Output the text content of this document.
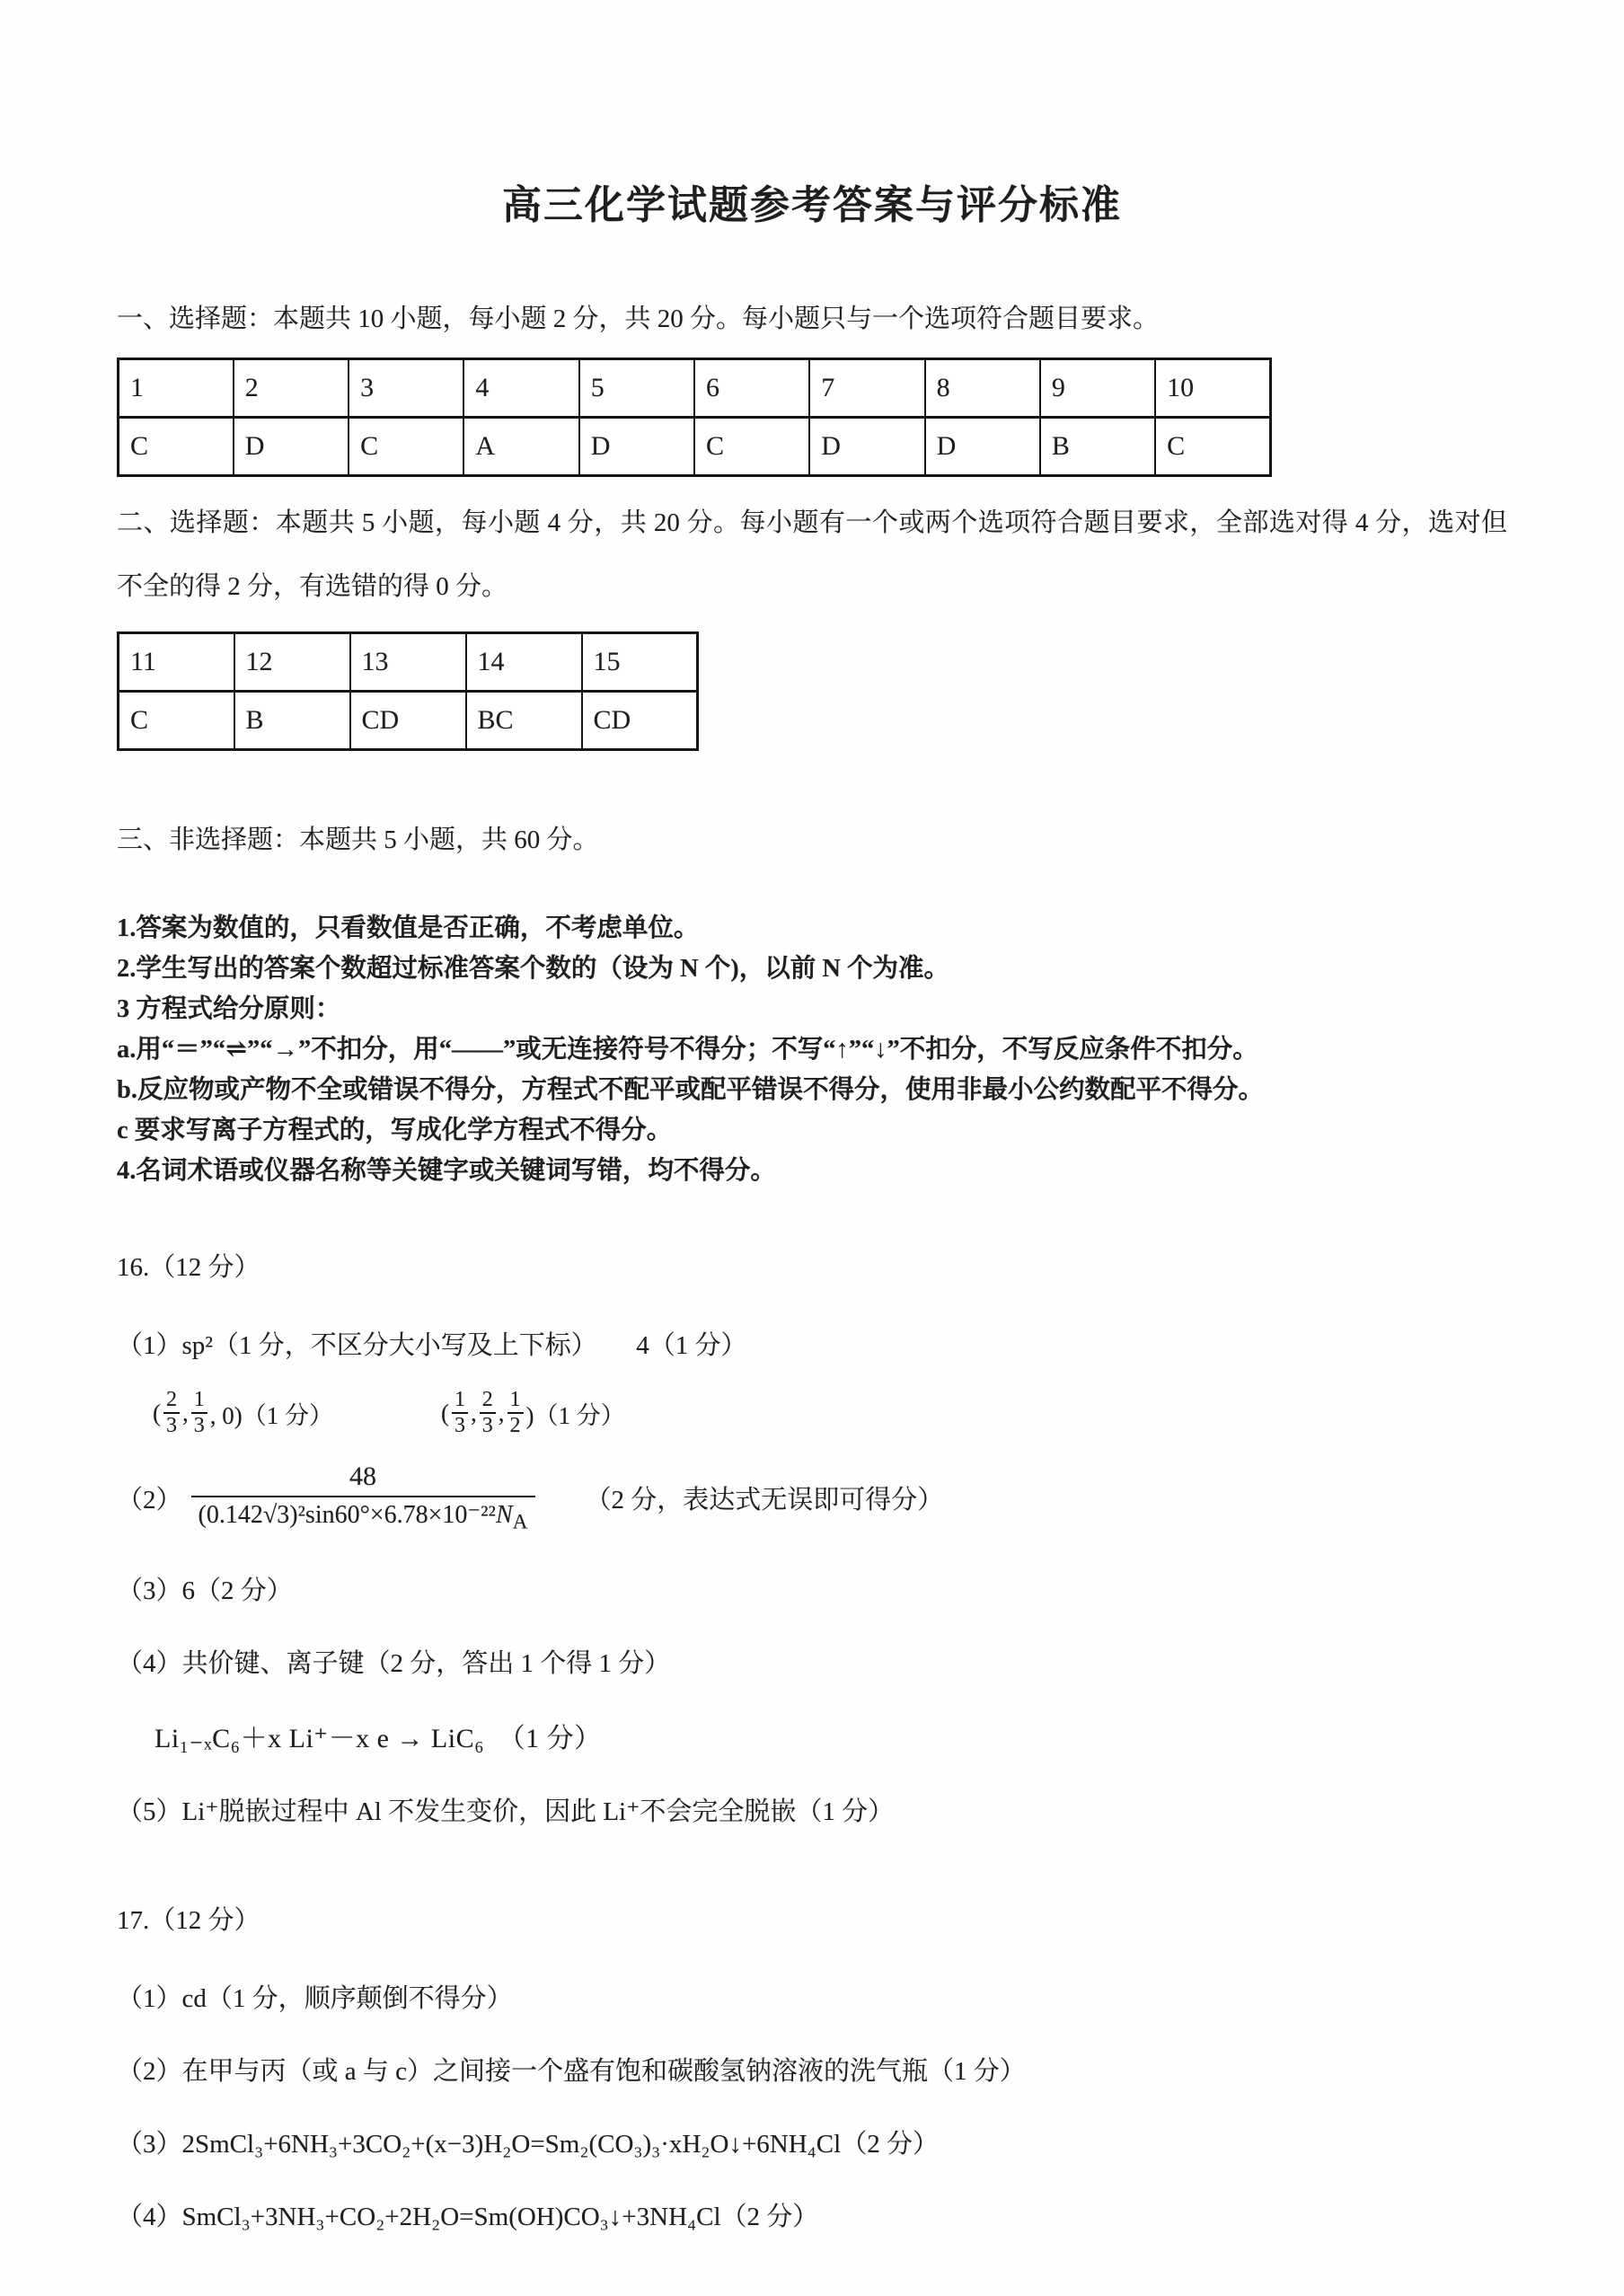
高三化学试题参考答案与评分标准
一、选择题：本题共 10 小题，每小题 2 分，共 20 分。每小题只与一个选项符合题目要求。
1	2	3	4	5	6	7	8	9	10
C	D	C	A	D	C	D	D	B	C
二、选择题：本题共 5 小题，每小题 4 分，共 20 分。每小题有一个或两个选项符合题目要求，全部选对得 4 分，选对但不全的得 2 分，有选错的得 0 分。
11	12	13	14	15
C	B	CD	BC	CD
三、非选择题：本题共 5 小题，共 60 分。
1.答案为数值的，只看数值是否正确，不考虑单位。
2.学生写出的答案个数超过标准答案个数的（设为 N 个)，以前 N 个为准。
3 方程式给分原则：
a.用“＝”“⇌”“→”不扣分，用“——”或无连接符号不得分；不写“↑”“↓”不扣分，不写反应条件不扣分。
b.反应物或产物不全或错误不得分，方程式不配平或配平错误不得分，使用非最小公约数配平不得分。
c 要求写离子方程式的，写成化学方程式不得分。
4.名词术语或仪器名称等关键字或关键词写错，均不得分。
16.（12 分）
（1）sp²（1 分，不区分大小写及上下标）　　4（1 分）
( $\frac{2}{3}$ , $\frac{1}{3}$ , 0)（1 分）	( $\frac{1}{3}$ , $\frac{2}{3}$ , $\frac{1}{2} )(1$ 分）
$(2) \frac{48}{(0.142√3)^2\sin 60^\circ\times 6.78\times 10^{-22}N_A} (2$ 分，表达式无误即可得分）
（3）6（2 分）
（4）共价键、离子键（2 分，答出 1 个得 1 分）
Li₁₋ₓC₆＋x Li⁺－x e → LiC₆　（1 分）
（5）Li⁺脱嵌过程中 Al 不发生变价，因此 Li⁺不会完全脱嵌（1 分）
17.（12 分）
（1）cd（1 分，顺序颠倒不得分）
（2）在甲与丙（或 a 与 c）之间接一个盛有饱和碳酸氢钠溶液的洗气瓶（1 分）
（3）2SmCl₃+6NH₃+3CO₂+(x−3)H₂O=Sm₂(CO₃)₃·xH₂O↓+6NH₄Cl（2 分）
（4）SmCl₃+3NH₃+CO₂+2H₂O=Sm(OH)CO₃↓+3NH₄Cl（2 分）
